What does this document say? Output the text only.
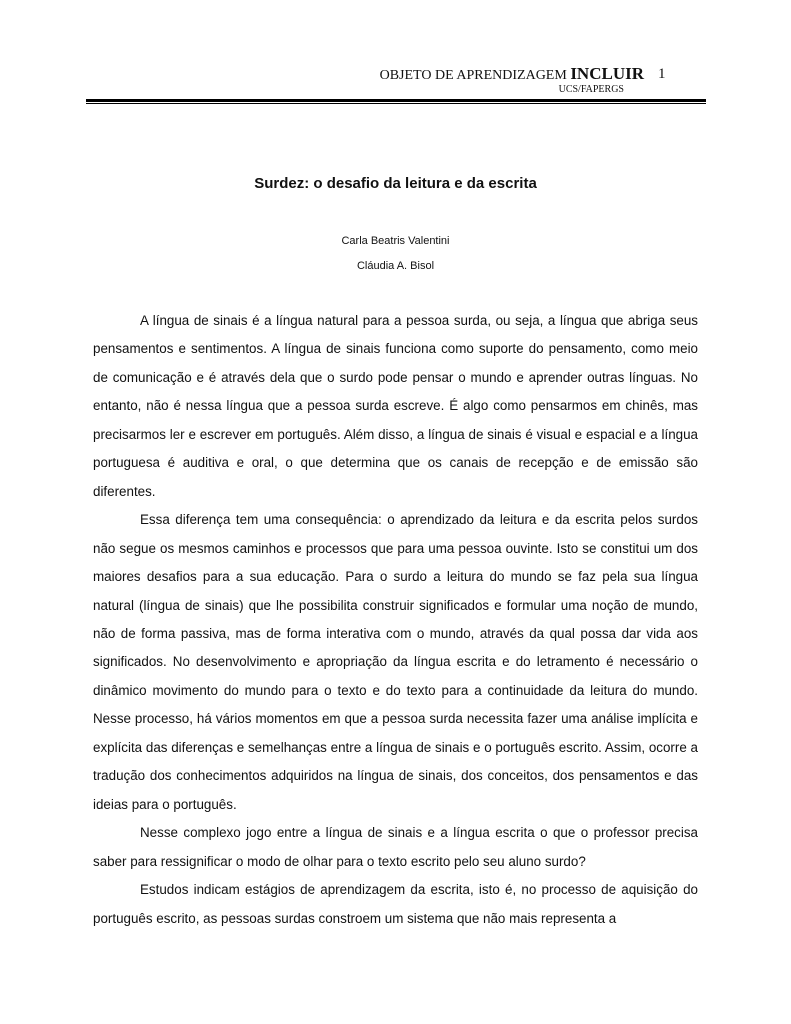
OBJETO DE APRENDIZAGEM INCLUIR 1
UCS/FAPERGS
Surdez: o desafio da leitura e da escrita
Carla Beatris Valentini
Cláudia A. Bisol

A língua de sinais é a língua natural para a pessoa surda, ou seja, a língua que abriga seus pensamentos e sentimentos. A língua de sinais funciona como suporte do pensamento, como meio de comunicação e é através dela que o surdo pode pensar o mundo e aprender outras línguas. No entanto, não é nessa língua que a pessoa surda escreve. É algo como pensarmos em chinês, mas precisarmos ler e escrever em português. Além disso, a língua de sinais é visual e espacial e a língua portuguesa é auditiva e oral, o que determina que os canais de recepção e de emissão são diferentes.

Essa diferença tem uma consequência: o aprendizado da leitura e da escrita pelos surdos não segue os mesmos caminhos e processos que para uma pessoa ouvinte. Isto se constitui um dos maiores desafios para a sua educação. Para o surdo a leitura do mundo se faz pela sua língua natural (língua de sinais) que lhe possibilita construir significados e formular uma noção de mundo, não de forma passiva, mas de forma interativa com o mundo, através da qual possa dar vida aos significados. No desenvolvimento e apropriação da língua escrita e do letramento é necessário o dinâmico movimento do mundo para o texto e do texto para a continuidade da leitura do mundo. Nesse processo, há vários momentos em que a pessoa surda necessita fazer uma análise implícita e explícita das diferenças e semelhanças entre a língua de sinais e o português escrito. Assim, ocorre a tradução dos conhecimentos adquiridos na língua de sinais, dos conceitos, dos pensamentos e das ideias para o português.

Nesse complexo jogo entre a língua de sinais e a língua escrita o que o professor precisa saber para ressignificar o modo de olhar para o texto escrito pelo seu aluno surdo?

Estudos indicam estágios de aprendizagem da escrita, isto é, no processo de aquisição do português escrito, as pessoas surdas constroem um sistema que não mais representa a
